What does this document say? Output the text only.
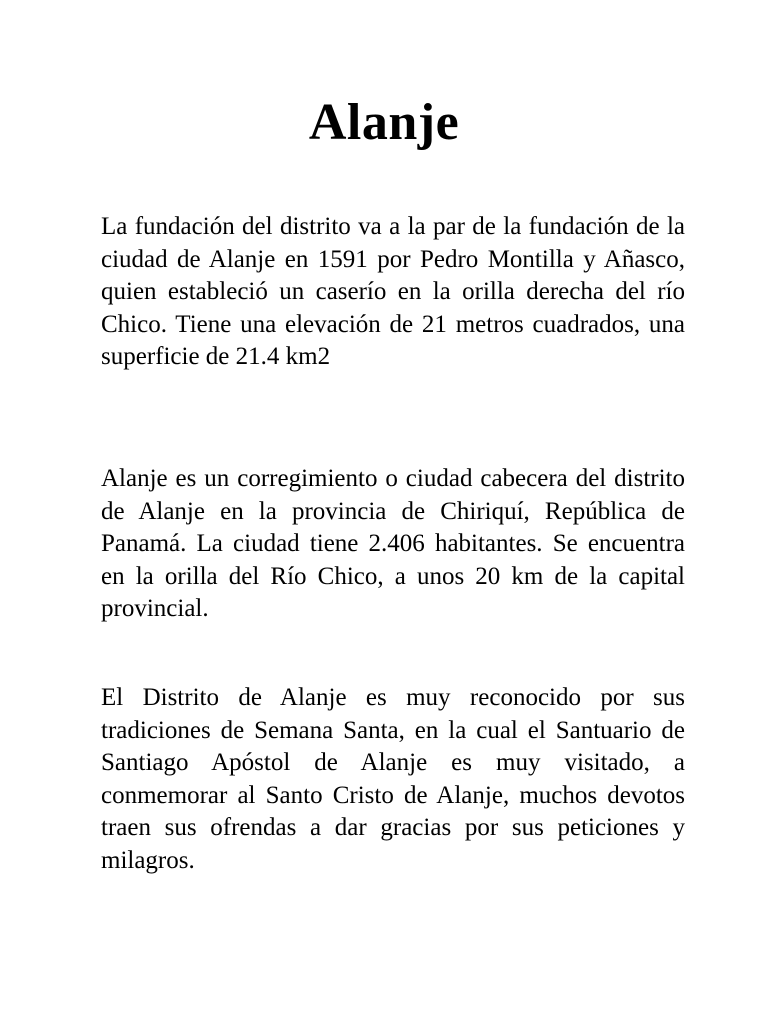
Alanje

La fundación del distrito va a la par de la fundación de la ciudad de Alanje en 1591 por Pedro Montilla y Añasco, quien estableció un caserío en la orilla derecha del río Chico. Tiene una elevación de 21 metros cuadrados, una superficie de 21.4 km2

Alanje es un corregimiento o ciudad cabecera del distrito de Alanje en la provincia de Chiriquí, República de Panamá. La ciudad tiene 2.406 habitantes. Se encuentra en la orilla del Río Chico, a unos 20 km de la capital provincial.

El Distrito de Alanje es muy reconocido por sus tradiciones de Semana Santa, en la cual el Santuario de Santiago Apóstol de Alanje es muy visitado, a conmemorar al Santo Cristo de Alanje, muchos devotos traen sus ofrendas a dar gracias por sus peticiones y milagros.
